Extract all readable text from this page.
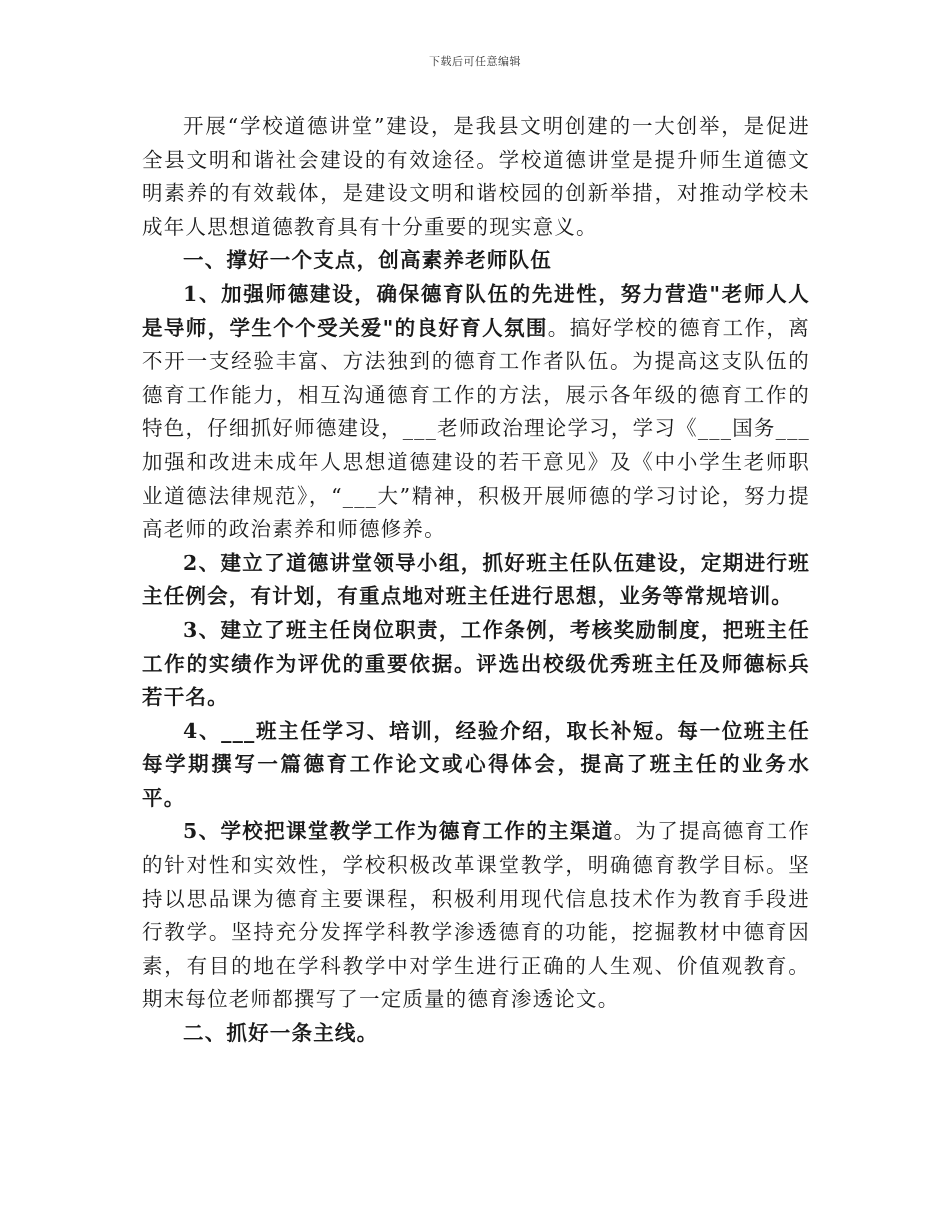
下载后可任意编辑

开展“学校道德讲堂”建设，是我县文明创建的一大创举，是促进全县文明和谐社会建设的有效途径。学校道德讲堂是提升师生道德文明素养的有效载体，是建设文明和谐校园的创新举措，对推动学校未成年人思想道德教育具有十分重要的现实意义。

一、撑好一个支点，创高素养老师队伍

1、加强师德建设，确保德育队伍的先进性，努力营造"老师人人是导师，学生个个受关爱"的良好育人氛围。搞好学校的德育工作，离不开一支经验丰富、方法独到的德育工作者队伍。为提高这支队伍的德育工作能力，相互沟通德育工作的方法，展示各年级的德育工作的特色，仔细抓好师德建设，___老师政治理论学习，学习《___国务___加强和改进未成年人思想道德建设的若干意见》及《中小学生老师职业道德法律规范》，“___大”精神，积极开展师德的学习讨论，努力提高老师的政治素养和师德修养。

2、建立了道德讲堂领导小组，抓好班主任队伍建设，定期进行班主任例会，有计划，有重点地对班主任进行思想，业务等常规培训。

3、建立了班主任岗位职责，工作条例，考核奖励制度，把班主任工作的实绩作为评优的重要依据。评选出校级优秀班主任及师德标兵若干名。

4、___班主任学习、培训，经验介绍，取长补短。每一位班主任每学期撰写一篇德育工作论文或心得体会，提高了班主任的业务水平。

5、学校把课堂教学工作为德育工作的主渠道。为了提高德育工作的针对性和实效性，学校积极改革课堂教学，明确德育教学目标。坚持以思品课为德育主要课程，积极利用现代信息技术作为教育手段进行教学。坚持充分发挥学科教学渗透德育的功能，挖掘教材中德育因素，有目的地在学科教学中对学生进行正确的人生观、价值观教育。期末每位老师都撰写了一定质量的德育渗透论文。

二、抓好一条主线。
